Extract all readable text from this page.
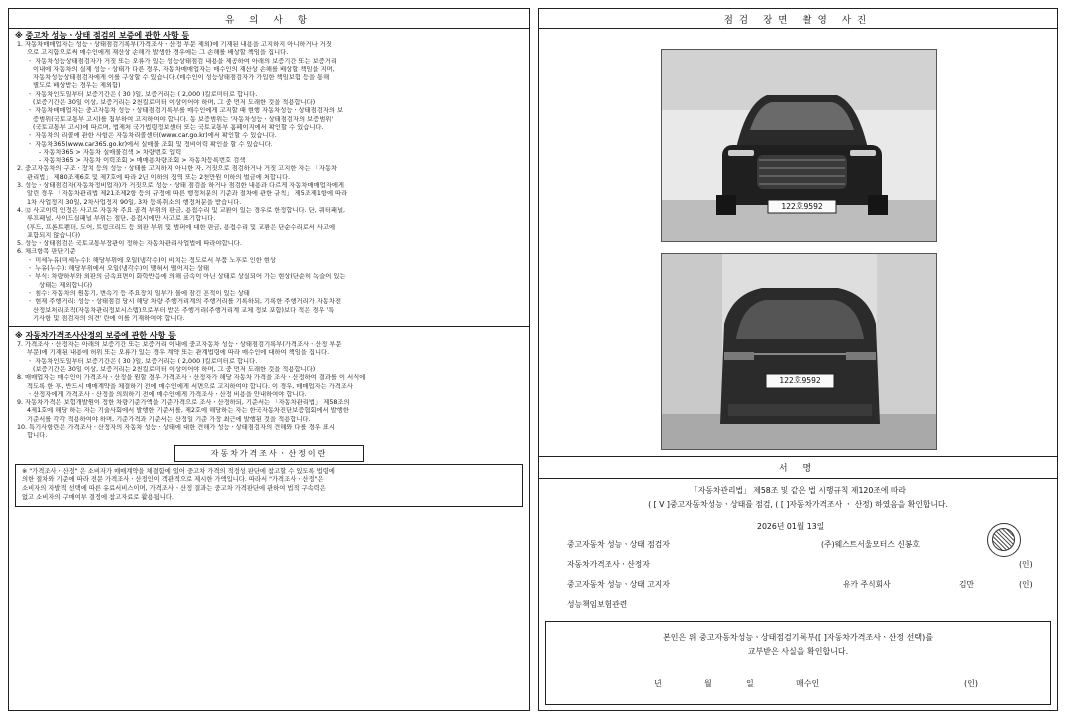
유 의 사 항
※ 중고차 성능ㆍ상태 점검의 보증에 관한 사항 등
1. 자동차매매업자는 성능ㆍ상태점검기록부(가격조사ㆍ산정 부문 제외)에 기재된 내용을 고지하지 아니하거나 거짓
으로 고지함으로써 매수인에게 재산상 손해가 발생한 경우에는 그 손해를 배상할 책임을 집니다.
ㆍ 자동차성능상태점검자가 거짓 또는 오류가 있는 성능상태점검 내용을 제공하여 아래의 보증기간 또는 보증거리
이내에 자동차의 실제 성능ㆍ상태가 다른 경우, 자동차매매업자는 매수인의 재산상 손해를 배상할 책임을 지며,
자동차성능상태점검자에게 이를 구상할 수 있습니다.(매수인이 성능상태점검자가 가입한 책임보험 등을 통해
별도로 배상받는 경우는 제외함)
ㆍ 자동차인도일부터 보증기간은 ( 30 )일, 보증거리는 ( 2,000 )킬로미터로 합니다.
(보증기간은 30일 이상, 보증거리는 2천킬로미터 이상이어야 하며, 그 중 먼저 도래한 것을 적용합니다)
ㆍ 자동차매매업자는 중고자동차 성능ㆍ상태점검기록부를 매수인에게 고지할 때 현행 자동차성능ㆍ상태점검자의 보
증범위(국토교통부 고시)를 첨부하여 고지하여야 합니다. 동 보증범위는 '자동차성능ㆍ상태점검자의 보증범위'
(국토교통부 고시)에 따르며, 법제처 국가법령정보센터 또는 국토교통부 홈페이지에서 확인할 수 있습니다.
ㆍ 자동차의 리콜에 관한 사항은 자동차리콜센터(www.car.go.kr)에서 확인할 수 있습니다.
ㆍ 자동차365(www.car365.go.kr)에서 실매물 조회 및 정비이력 확인을 할 수 있습니다.
- 자동차365 > 자동차 실매물검색 > 차량번호 입력
- 자동차365 > 자동차 이력조회 > 매매용차량조회 > 자동차등록번호 검색
2. 중고자동차의 구조ㆍ장치 등의 성능ㆍ상태를 고지하지 아니한 자, 거짓으로 점검하거나 거짓 고지한 자는 「자동차
관리법」 제80조제6호 및 제7호에 따라 2년 이하의 징역 또는 2천만원 이하의 벌금에 처합니다.
3. 성능ㆍ상태점검자(자동차정비업자)가 거짓으로 성능ㆍ상태 점검을 하거나 점검한 내용과 다르게 자동차매매업자에게
알린 경우 「자동차관리법 제21조제2항 등의 규정에 따른 행정처분의 기준과 절차에 관한 규칙」 제5조제1항에 따라
1차 사업정지 30일, 2차사업정지 90일, 3차 등록취소의 행정처분을 받습니다.
4. ⑫ 사고이력 인정은 사고로 자동차 주요 골격 부위의 판금, 용접수리 및 교환이 있는 경우로 한정합니다. 단, 쿼터패널,
루프패널, 사이드실패널 부위는 절단, 용접시에만 사고로 표기합니다.
(후드, 프론트펜더, 도어, 트렁크리드 등 외판 부위 및 범퍼에 대한 판금, 용접수리 및 교환은 단순수리로서 사고에
포함되지 않습니다)
5. 성능ㆍ상태점검은 국토교통부장관이 정하는 자동차관리사업법에 따라야합니다.
6. 체크항목 판단기준
ㆍ 미세누유(미세누수): 해당부위에 오일(냉각수)이 비치는 정도로서 부품 노후로 인한 현상
ㆍ 누유(누수): 해당부위에서 오일(냉각수)이 맺혀서 떨어지는 상태
ㆍ 부식: 차량하부와 외판의 금속표면이 화학반응에 의해 금속이 아닌 상태로 상실되어 가는 현상(단순히 녹슬어 있는
상태는 제외합니다)
ㆍ 침수: 자동차의 원동기, 변속기 등 주요장치 일부가 물에 잠긴 흔적이 있는 상태
ㆍ 현재 주행거리: 성능ㆍ상태점검 당시 해당 차량 주행거리계의 주행거리를 기록하되, 기록한 주행거리가 자동차전
산정보처리조직(자동차관리정보시스템)으로부터 받은 주행거리(주행거리계 교체 정보 포함)보다 적은 경우 '특
기사항 및 점검자의 의견' 란에 이를 기재하여야 합니다.
※ 자동차가격조사산정의 보증에 관한 사항 등
7. 가격조사ㆍ산정자는 아래의 보증기간 또는 보증거리 이내에 중고자동차 성능ㆍ상태점검기록부(가격조사ㆍ산정 부문
부문)에 기재된 내용에 허위 또는 오류가 있는 경우 계약 또는 관계법령에 따라 매수인에 대하여 책임을 집니다.
ㆍ 자동차인도일부터 보증기간은 ( 30 )일, 보증거리는 ( 2,000 )킬로미터로 합니다.
(보증기간은 30일 이상, 보증거리는 2천킬로미터 이상이어야 하며, 그 중 먼저 도래한 것을 적용합니다)
8. 매매업자는 매수인이 가격조사ㆍ산정을 원할 경우 가격조사ㆍ산정자가 해당 자동차 가격을 조사ㆍ산정하여 결과를 이 서식에
적도록 한 후, 반드시 매매계약을 체결하기 전에 매수인에게 서면으로 고지하여야 합니다. 이 경우, 매매업자는 가격조사
ㆍ산정자에게 가격조사ㆍ산정을 의뢰하기 전에 매수인에게 가격조사ㆍ산정 비용을 안내하여야 합니다.
9. 자동차가격은 보험개발원이 정한 차량기준가액을 기준가격으로 조사ㆍ산정하되, 기준서는 「자동차관리법」 제58조의
4제1호에 해당 하는 자는 기술사회에서 발행한 기준서를, 제2호에 해당하는 자는 한국자동차진단보증협회에서 발행한
기준서를 각각 적용하여야 하며, 기준가격과 기준서는 산정일 기준 가장 최근에 발행된 것을 적용합니다.
10. 특기사항란은 가격조사ㆍ산정자의 자동차 성능ㆍ상태에 대한 견해가 성능ㆍ상태점검자의 견해와 다를 경우 표시
합니다.
자동차가격조사ㆍ산정이란
※ "가격조사ㆍ산정" 은 소비자가 매매계약을 체결함에 있어 중고차 가격의 적정성 판단에 참고할 수 있도록 법령에
의한 절차와 기준에 따라 전문 가격조사ㆍ산정인이 객관적으로 제시한 가액입니다. 따라서 "가격조사ㆍ산정"은
소비자의 자발적 선택에 따른 유료서비스이며, 가격조사ㆍ산정 결과는 중고차 가격판단에 관하여 법적 구속력은
없고 소비자의 구매여부 결정에 참고자료로 활용됩니다.
점검 장면 촬영 사진
122호9592
122호9592
서 명
「자동차관리법」 제58조 및 같은 법 시행규칙 제120조에 따라
( [ V ]중고자동차성능ㆍ상태를 점검, ( [ ]자동차가격조사 ㆍ 산정) 하였음을 확인합니다.
2026년 01월 13일
중고자동차 성능ㆍ상태 점검자	(주)웨스트서울모터스 신봉호
자동차가격조사ㆍ산정자	(인)
중고자동차 성능ㆍ상태 고지자	유카 주식회사	김만	(인)
성능책임보험관련
본인은 위 중고자동차성능ㆍ상태점검기록부([ ]자동차가격조사ㆍ산정 선택)를
교부받은 사실을 확인합니다.
년	월	일	매수인	(인)
